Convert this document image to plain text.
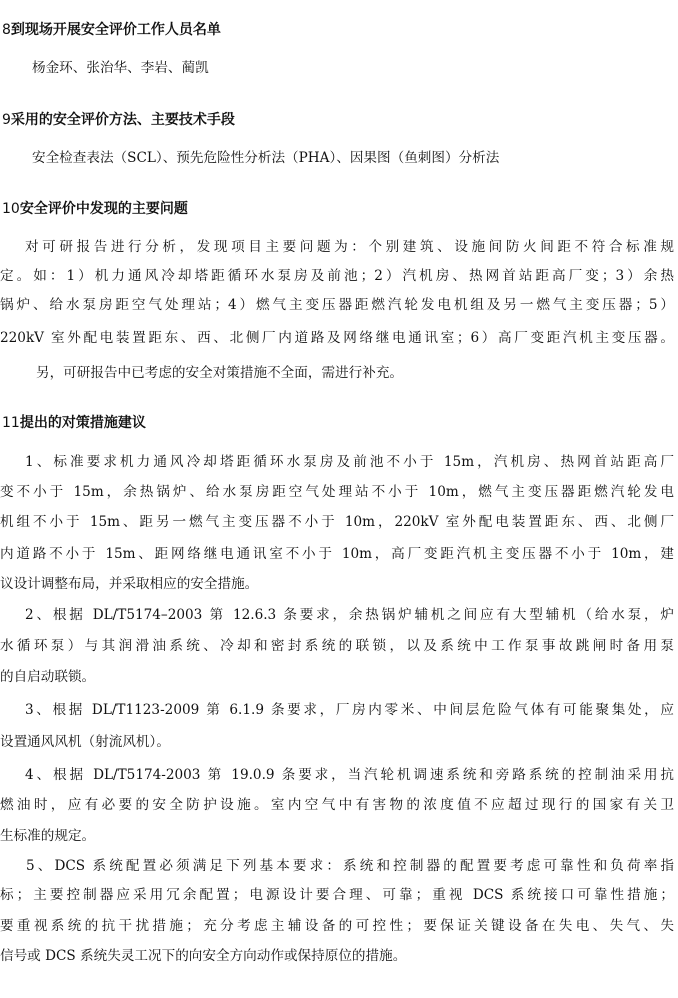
8到现场开展安全评价工作人员名单
杨金环、张治华、李岩、蔺凯
9采用的安全评价方法、主要技术手段
安全检查表法（SCL）、预先危险性分析法（PHA）、因果图（鱼刺图）分析法
10安全评价中发现的主要问题
对可研报告进行分析，发现项目主要问题为：个别建筑、设施间防火间距不符合标准规
定。如：1）机力通风冷却塔距循环水泵房及前池；2）汽机房、热网首站距高厂变；3）余热
锅炉、给水泵房距空气处理站；4）燃气主变压器距燃汽轮发电机组及另一燃气主变压器；5）
220kV 室外配电装置距东、西、北侧厂内道路及网络继电通讯室；6）高厂变距汽机主变压器。
另，可研报告中已考虑的安全对策措施不全面，需进行补充。
11提出的对策措施建议
1、标准要求机力通风冷却塔距循环水泵房及前池不小于 15m，汽机房、热网首站距高厂
变不小于 15m，余热锅炉、给水泵房距空气处理站不小于 10m，燃气主变压器距燃汽轮发电
机组不小于 15m、距另一燃气主变压器不小于 10m，220kV 室外配电装置距东、西、北侧厂
内道路不小于 15m、距网络继电通讯室不小于 10m，高厂变距汽机主变压器不小于 10m，建
议设计调整布局，并采取相应的安全措施。
2、根据 DL/T5174–2003 第 12.6.3 条要求，余热锅炉辅机之间应有大型辅机（给水泵，炉
水循环泵）与其润滑油系统、冷却和密封系统的联锁，以及系统中工作泵事故跳闸时备用泵
的自启动联锁。
3、根据 DL/T1123-2009 第 6.1.9 条要求，厂房内零米、中间层危险气体有可能聚集处，应
设置通风风机（射流风机）。
4、根据 DL/T5174-2003 第 19.0.9 条要求，当汽轮机调速系统和旁路系统的控制油采用抗
燃油时，应有必要的安全防护设施。室内空气中有害物的浓度值不应超过现行的国家有关卫
生标准的规定。
5、DCS 系统配置必须满足下列基本要求：系统和控制器的配置要考虑可靠性和负荷率指
标；主要控制器应采用冗余配置；电源设计要合理、可靠；重视 DCS 系统接口可靠性措施；
要重视系统的抗干扰措施；充分考虑主辅设备的可控性；要保证关键设备在失电、失气、失
信号或 DCS 系统失灵工况下的向安全方向动作或保持原位的措施。
